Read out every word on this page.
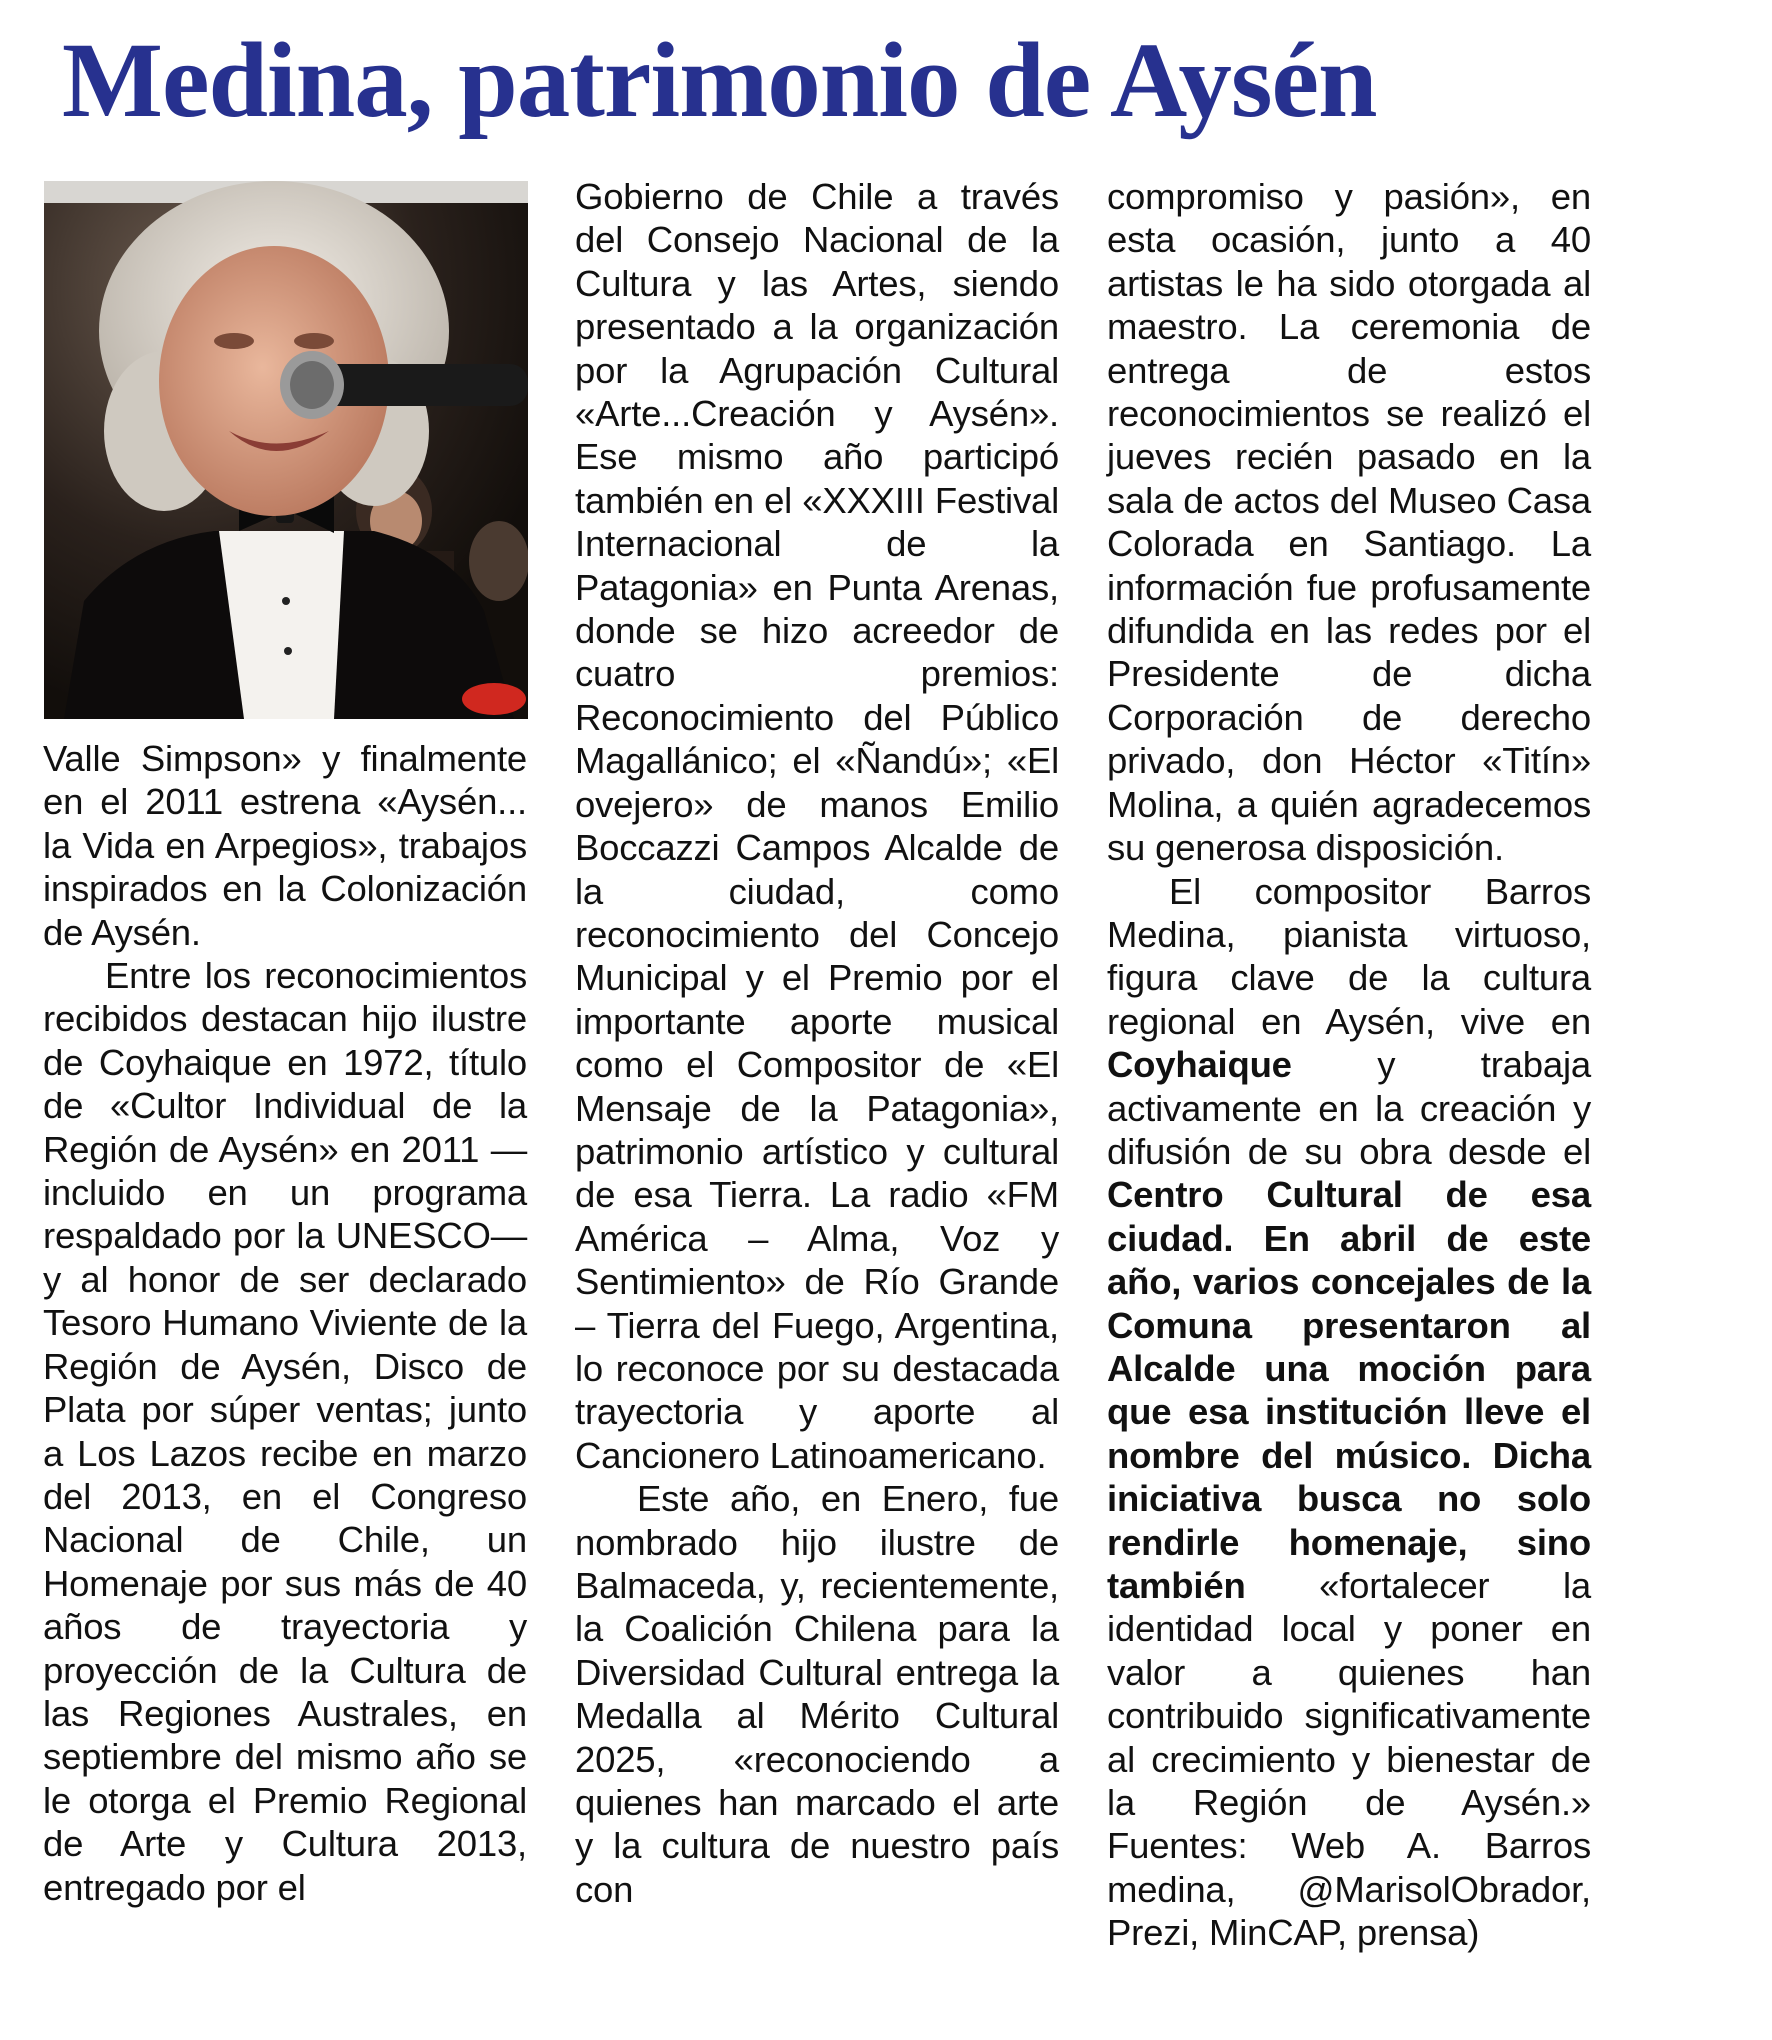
Medina, patrimonio de Aysén

Valle Simpson» y finalmente en el 2011 estrena «Aysén... la Vida en Arpegios», trabajos inspirados en la Colonización de Aysén.

Entre los reconocimientos recibidos destacan hijo ilustre de Coyhaique en 1972, título de «Cultor Individual de la Región de Aysén» en 2011 —incluido en un programa respaldado por la UNESCO— y al honor de ser declarado Tesoro Humano Viviente de la Región de Aysén, Disco de Plata por súper ventas; junto a Los Lazos recibe en marzo del 2013, en el Congreso Nacional de Chile, un Homenaje por sus más de 40 años de trayectoria y proyección de la Cultura de las Regiones Australes, en septiembre del mismo año se le otorga el Premio Regional de Arte y Cultura 2013, entregado por el

Gobierno de Chile a través del Consejo Nacional de la Cultura y las Artes, siendo presentado a la organización por la Agrupación Cultural «Arte...Creación y Aysén». Ese mismo año participó también en el «XXXIII Festival Internacional de la Patagonia» en Punta Arenas, donde se hizo acreedor de cuatro premios: Reconocimiento del Público Magallánico; el «Ñandú»; «El ovejero» de manos Emilio Boccazzi Campos Alcalde de la ciudad, como reconocimiento del Concejo Municipal y el Premio por el importante aporte musical como el Compositor de «El Mensaje de la Patagonia», patrimonio artístico y cultural de esa Tierra. La radio «FM América – Alma, Voz y Sentimiento» de Río Grande – Tierra del Fuego, Argentina, lo reconoce por su destacada trayectoria y aporte al Cancionero Latinoamericano.

Este año, en Enero, fue nombrado hijo ilustre de Balmaceda, y, recientemente, la Coalición Chilena para la Diversidad Cultural entrega la Medalla al Mérito Cultural 2025, «reconociendo a quienes han marcado el arte y la cultura de nuestro país con

compromiso y pasión», en esta ocasión, junto a 40 artistas le ha sido otorgada al maestro. La ceremonia de entrega de estos reconocimientos se realizó el jueves recién pasado en la sala de actos del Museo Casa Colorada en Santiago. La información fue profusamente difundida en las redes por el Presidente de dicha Corporación de derecho privado, don Héctor «Titín» Molina, a quién agradecemos su generosa disposición.

El compositor Barros Medina, pianista virtuoso, figura clave de la cultura regional en Aysén, vive en Coyhaique y trabaja activamente en la creación y difusión de su obra desde el Centro Cultural de esa ciudad. En abril de este año, varios concejales de la Comuna presentaron al Alcalde una moción para que esa institución lleve el nombre del músico. Dicha iniciativa busca no solo rendirle homenaje, sino también «fortalecer la identidad local y poner en valor a quienes han contribuido significativamente al crecimiento y bienestar de la Región de Aysén.» Fuentes: Web A. Barros medina, @MarisolObrador, Prezi, MinCAP, prensa)
